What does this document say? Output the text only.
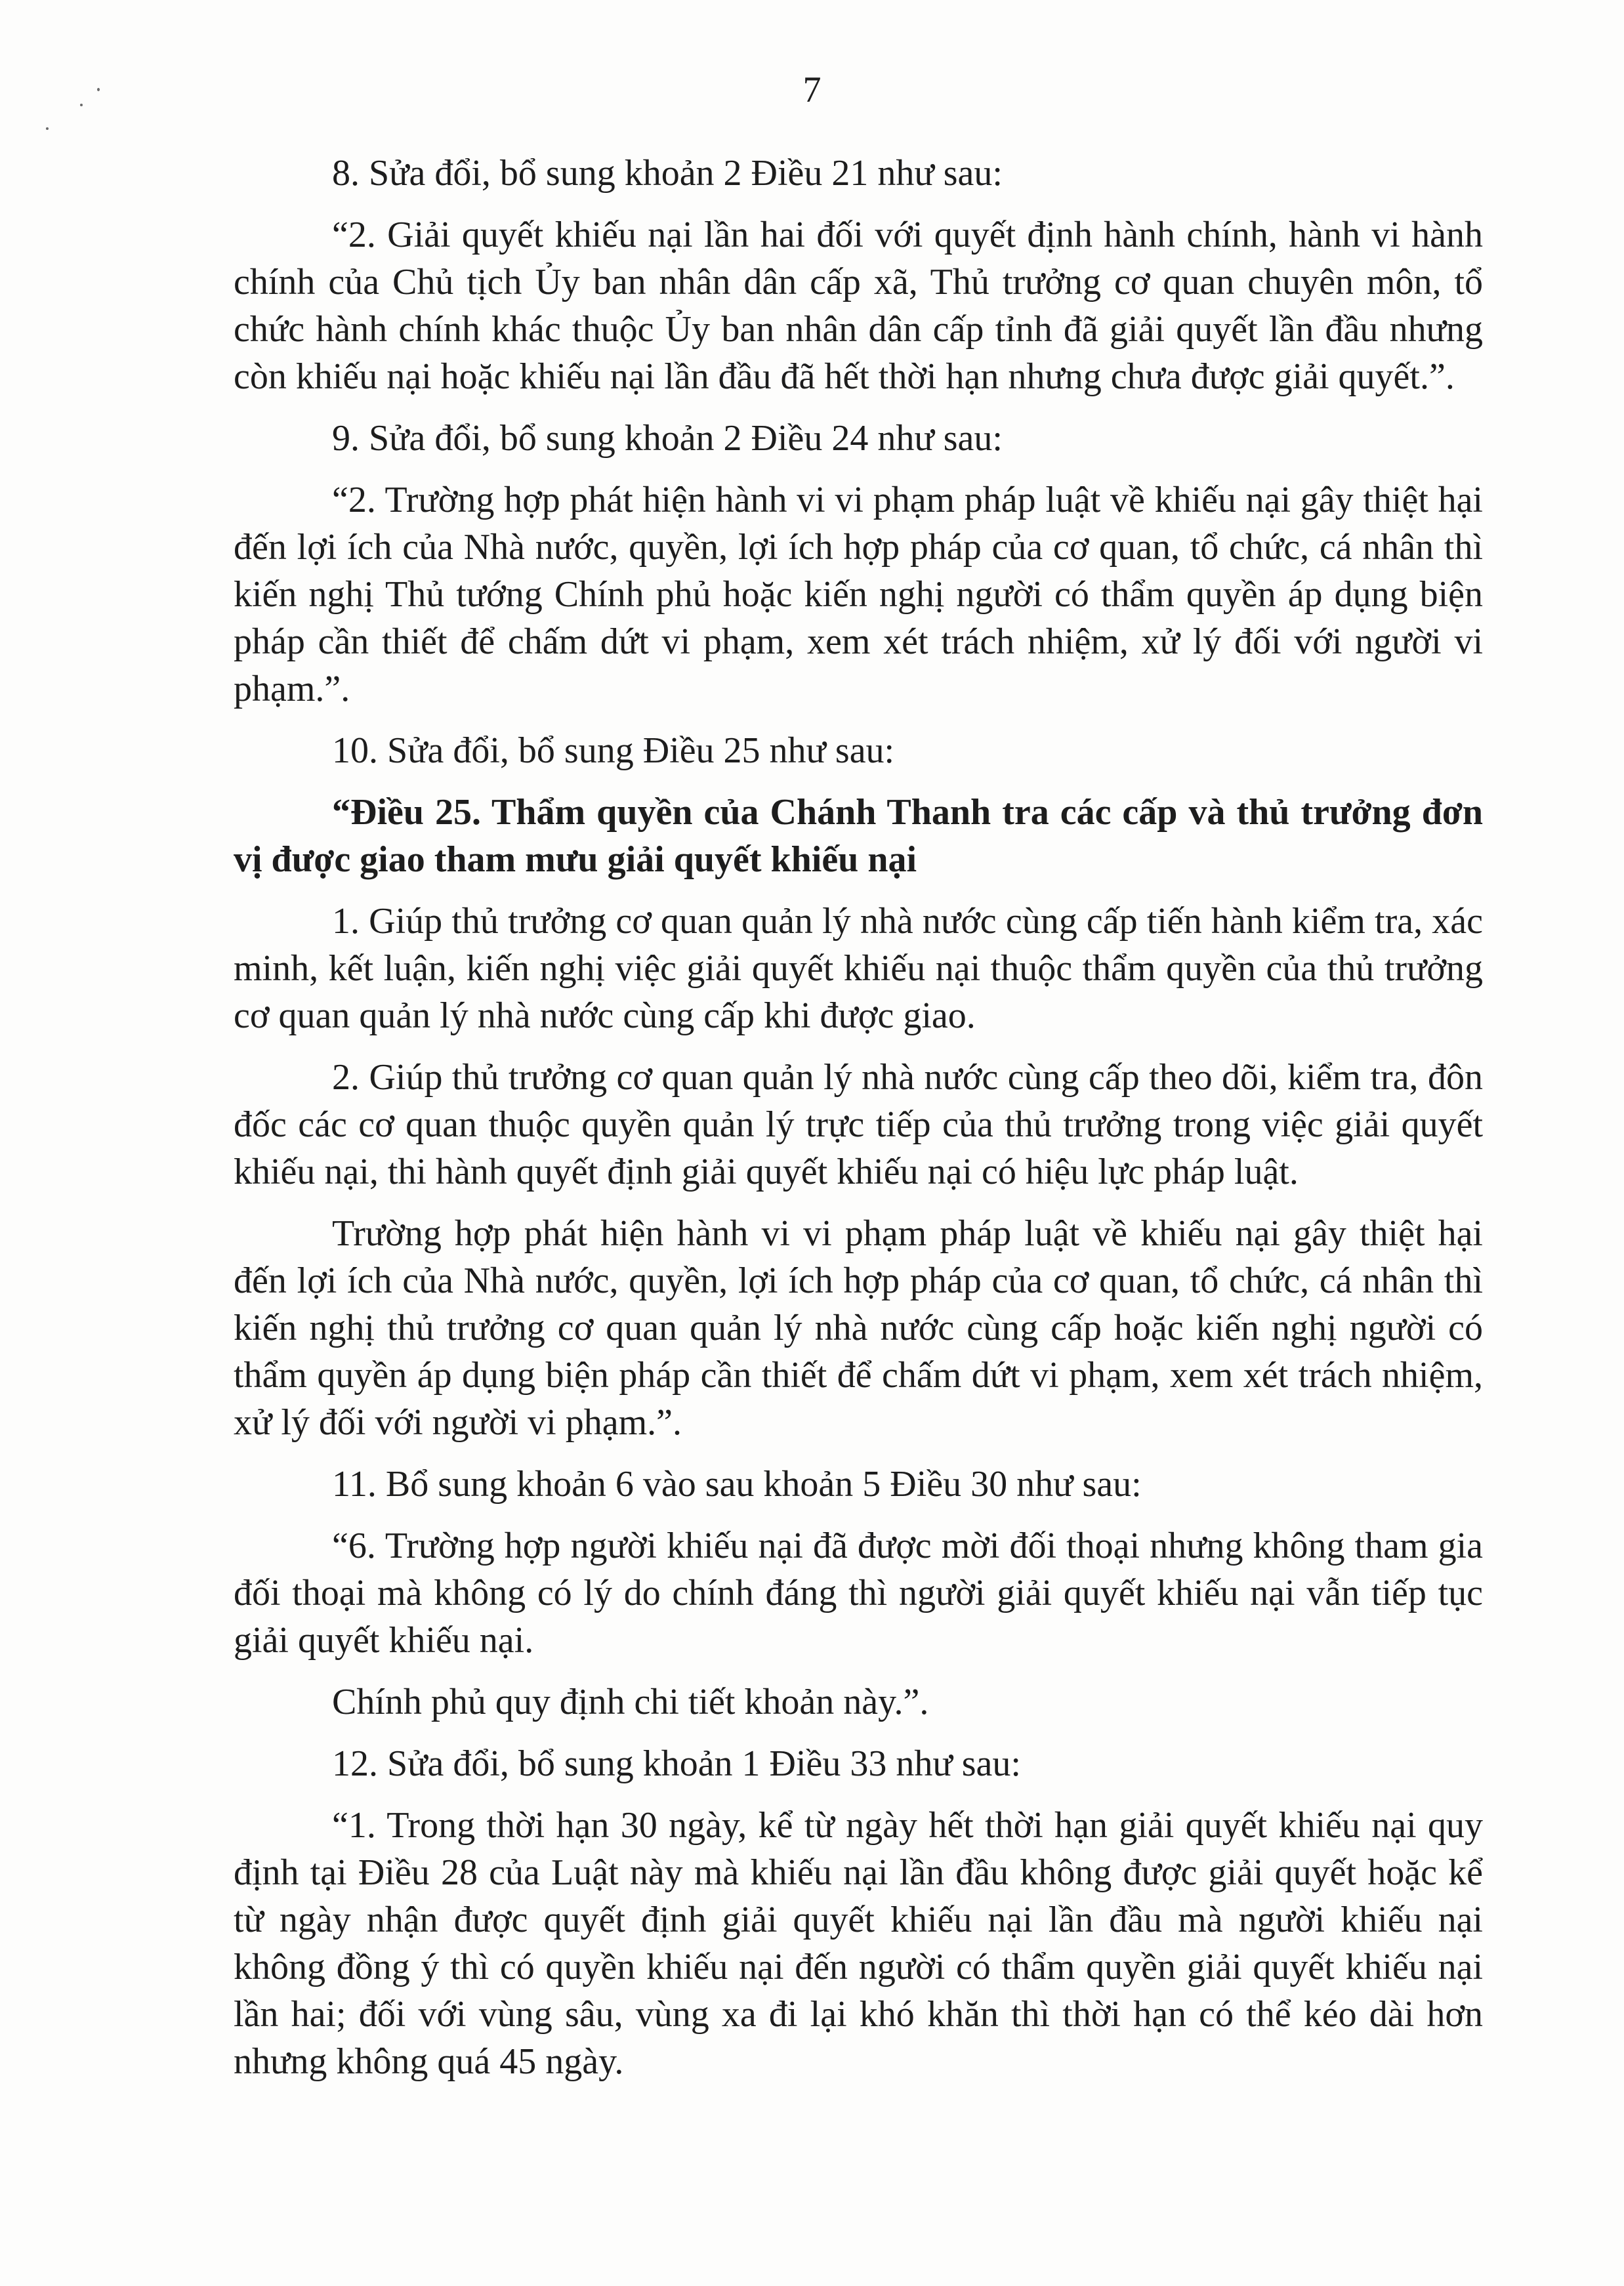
7

8. Sửa đổi, bổ sung khoản 2 Điều 21 như sau:

“2. Giải quyết khiếu nại lần hai đối với quyết định hành chính, hành vi hành chính của Chủ tịch Ủy ban nhân dân cấp xã, Thủ trưởng cơ quan chuyên môn, tổ chức hành chính khác thuộc Ủy ban nhân dân cấp tỉnh đã giải quyết lần đầu nhưng còn khiếu nại hoặc khiếu nại lần đầu đã hết thời hạn nhưng chưa được giải quyết.”.

9. Sửa đổi, bổ sung khoản 2 Điều 24 như sau:

“2. Trường hợp phát hiện hành vi vi phạm pháp luật về khiếu nại gây thiệt hại đến lợi ích của Nhà nước, quyền, lợi ích hợp pháp của cơ quan, tổ chức, cá nhân thì kiến nghị Thủ tướng Chính phủ hoặc kiến nghị người có thẩm quyền áp dụng biện pháp cần thiết để chấm dứt vi phạm, xem xét trách nhiệm, xử lý đối với người vi phạm.”.

10. Sửa đổi, bổ sung Điều 25 như sau:

“Điều 25. Thẩm quyền của Chánh Thanh tra các cấp và thủ trưởng đơn vị được giao tham mưu giải quyết khiếu nại

1. Giúp thủ trưởng cơ quan quản lý nhà nước cùng cấp tiến hành kiểm tra, xác minh, kết luận, kiến nghị việc giải quyết khiếu nại thuộc thẩm quyền của thủ trưởng cơ quan quản lý nhà nước cùng cấp khi được giao.

2. Giúp thủ trưởng cơ quan quản lý nhà nước cùng cấp theo dõi, kiểm tra, đôn đốc các cơ quan thuộc quyền quản lý trực tiếp của thủ trưởng trong việc giải quyết khiếu nại, thi hành quyết định giải quyết khiếu nại có hiệu lực pháp luật.

Trường hợp phát hiện hành vi vi phạm pháp luật về khiếu nại gây thiệt hại đến lợi ích của Nhà nước, quyền, lợi ích hợp pháp của cơ quan, tổ chức, cá nhân thì kiến nghị thủ trưởng cơ quan quản lý nhà nước cùng cấp hoặc kiến nghị người có thẩm quyền áp dụng biện pháp cần thiết để chấm dứt vi phạm, xem xét trách nhiệm, xử lý đối với người vi phạm.”.

11. Bổ sung khoản 6 vào sau khoản 5 Điều 30 như sau:

“6. Trường hợp người khiếu nại đã được mời đối thoại nhưng không tham gia đối thoại mà không có lý do chính đáng thì người giải quyết khiếu nại vẫn tiếp tục giải quyết khiếu nại.

Chính phủ quy định chi tiết khoản này.”.

12. Sửa đổi, bổ sung khoản 1 Điều 33 như sau:

“1. Trong thời hạn 30 ngày, kể từ ngày hết thời hạn giải quyết khiếu nại quy định tại Điều 28 của Luật này mà khiếu nại lần đầu không được giải quyết hoặc kể từ ngày nhận được quyết định giải quyết khiếu nại lần đầu mà người khiếu nại không đồng ý thì có quyền khiếu nại đến người có thẩm quyền giải quyết khiếu nại lần hai; đối với vùng sâu, vùng xa đi lại khó khăn thì thời hạn có thể kéo dài hơn nhưng không quá 45 ngày.
